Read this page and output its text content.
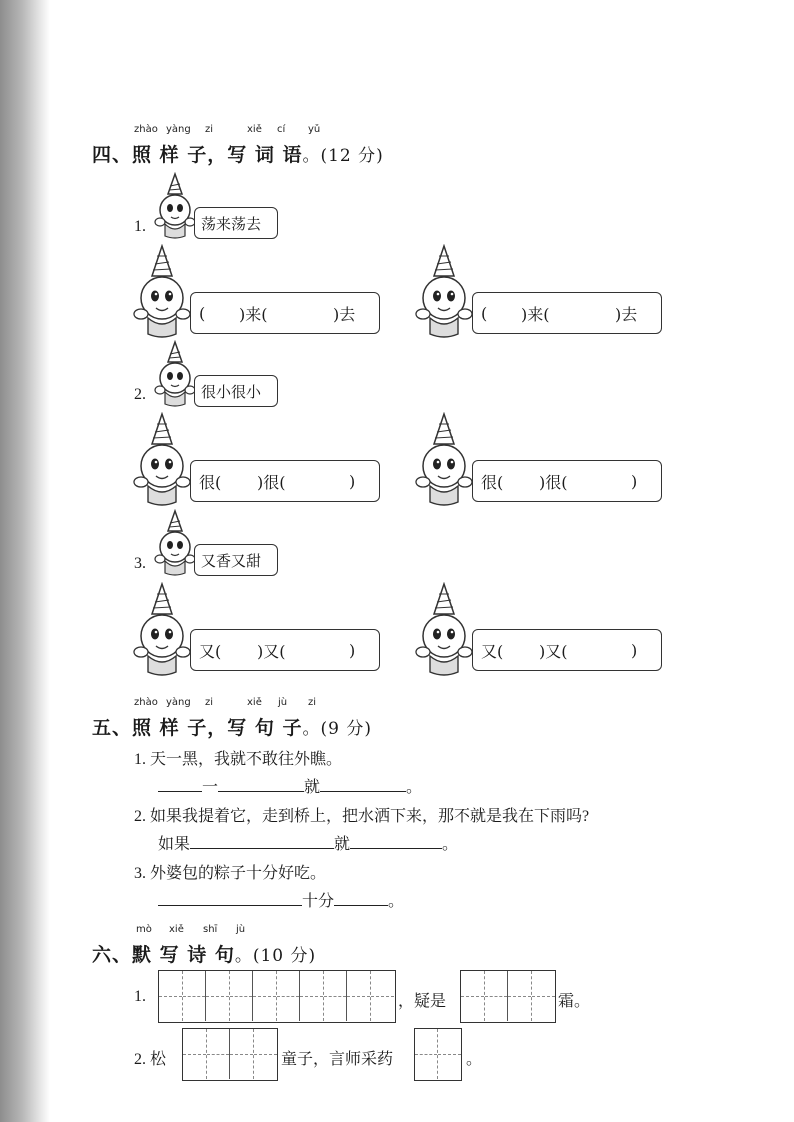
zhào yàng zi	xiě cí yǔ
四、照 样 子，写 词 语。(12 分)
1.	荡来荡去
(	)来(	)去	(	)来(	)去
2.	很小很小
很(	)很(	)	很(	)很(	)
3.	又香又甜
又(	)又(	)	又(	)又(	)
zhào yàng zi	xiě jù zi
五、照 样 子，写 句 子。(9 分)
1. 天一黑，我就不敢往外瞧。
一	就	。
2. 如果我提着它，走到桥上，把水洒下来，那不就是我在下雨吗?
如果	就	。
3. 外婆包的粽子十分好吃。
十分	。
mò xiě shī jù
六、默 写 诗 句。(10 分)
1.	，疑是	霜。
2. 松	童子，言师采药	。
